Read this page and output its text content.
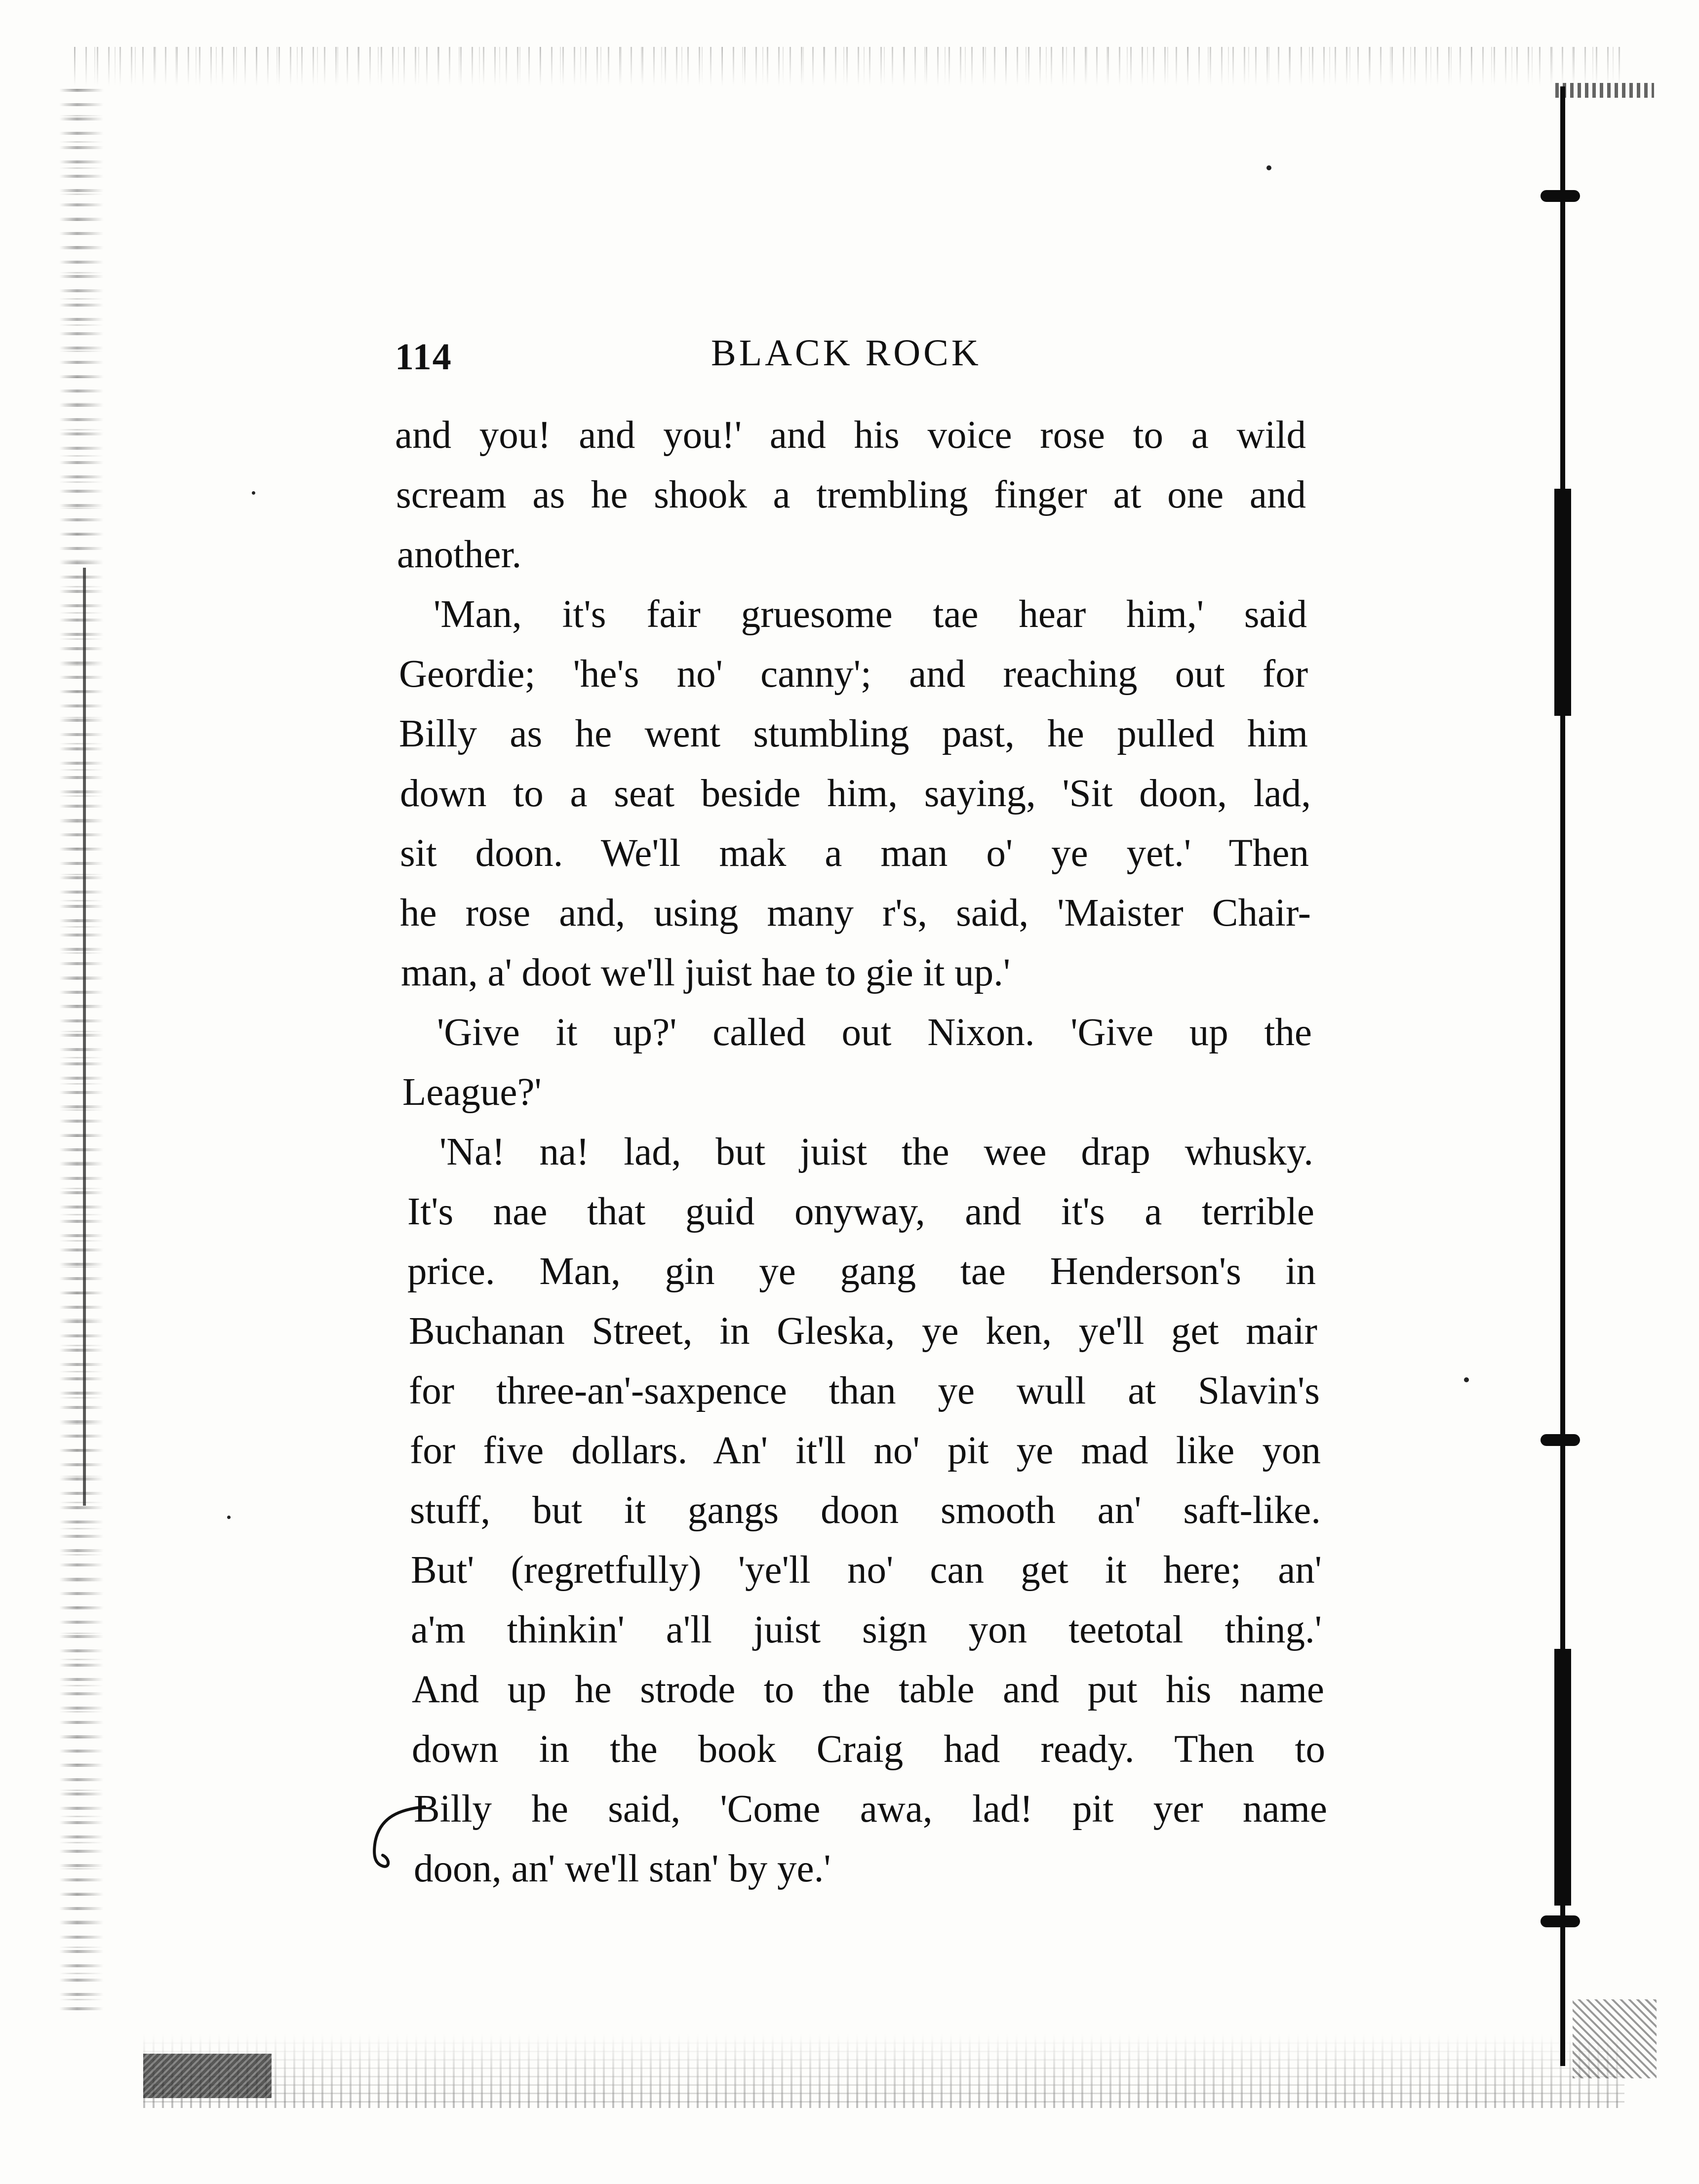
114	BLACK ROCK
and you! and you!' and his voice rose to a wild
scream as he shook a trembling finger at one and
another.
'Man, it's fair gruesome tae hear him,' said
Geordie; 'he's no' canny'; and reaching out for
Billy as he went stumbling past, he pulled him
down to a seat beside him, saying, 'Sit doon, lad,
sit doon. We'll mak a man o' ye yet.' Then
he rose and, using many r's, said, 'Maister Chair-
man, a' doot we'll juist hae to gie it up.'
'Give it up?' called out Nixon. 'Give up the
League?'
'Na! na! lad, but juist the wee drap whusky.
It's nae that guid onyway, and it's a terrible
price. Man, gin ye gang tae Henderson's in
Buchanan Street, in Gleska, ye ken, ye'll get mair
for three-an'-saxpence than ye wull at Slavin's
for five dollars. An' it'll no' pit ye mad like yon
stuff, but it gangs doon smooth an' saft-like.
But' (regretfully) 'ye'll no' can get it here; an'
a'm thinkin' a'll juist sign yon teetotal thing.'
And up he strode to the table and put his name
down in the book Craig had ready. Then to
Billy he said, 'Come awa, lad! pit yer name
doon, an' we'll stan' by ye.'
